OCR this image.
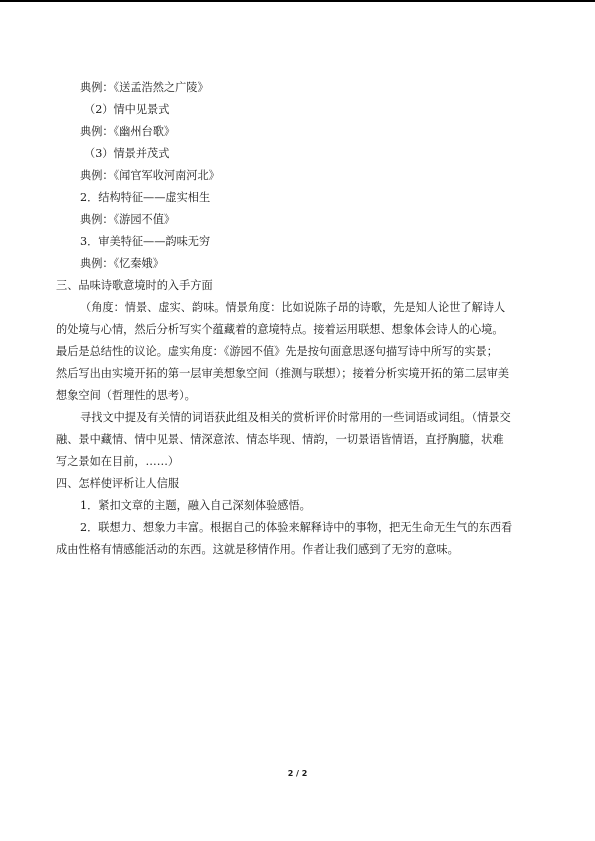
典例：《送孟浩然之广陵》
（2）情中见景式
典例：《幽州台歌》
（3）情景并茂式
典例：《闻官军收河南河北》
2．结构特征——虚实相生
典例：《游园不值》
3．审美特征——韵味无穷
典例：《忆秦娥》
三、品味诗歌意境时的入手方面
（角度：情景、虚实、韵味。情景角度：比如说陈子昂的诗歌，先是知人论世了解诗人
的处境与心情，然后分析写实个蕴藏着的意境特点。接着运用联想、想象体会诗人的心境。
最后是总结性的议论。虚实角度：《游园不值》先是按句面意思逐句描写诗中所写的实景；
然后写出由实境开拓的第一层审美想象空间（推测与联想）；接着分析实境开拓的第二层审美
想象空间（哲理性的思考）。
寻找文中提及有关情的词语获此组及相关的赏析评价时常用的一些词语或词组。（情景交
融、景中藏情、情中见景、情深意浓、情态毕现、情韵，一切景语皆情语，直抒胸臆，状难
写之景如在目前，……）
四、怎样使评析让人信服
1．紧扣文章的主题，融入自己深刻体验感悟。
2．联想力、想象力丰富。根据自己的体验来解释诗中的事物，把无生命无生气的东西看
成由性格有情感能活动的东西。这就是移情作用。作者让我们感到了无穷的意味。
2 / 2
